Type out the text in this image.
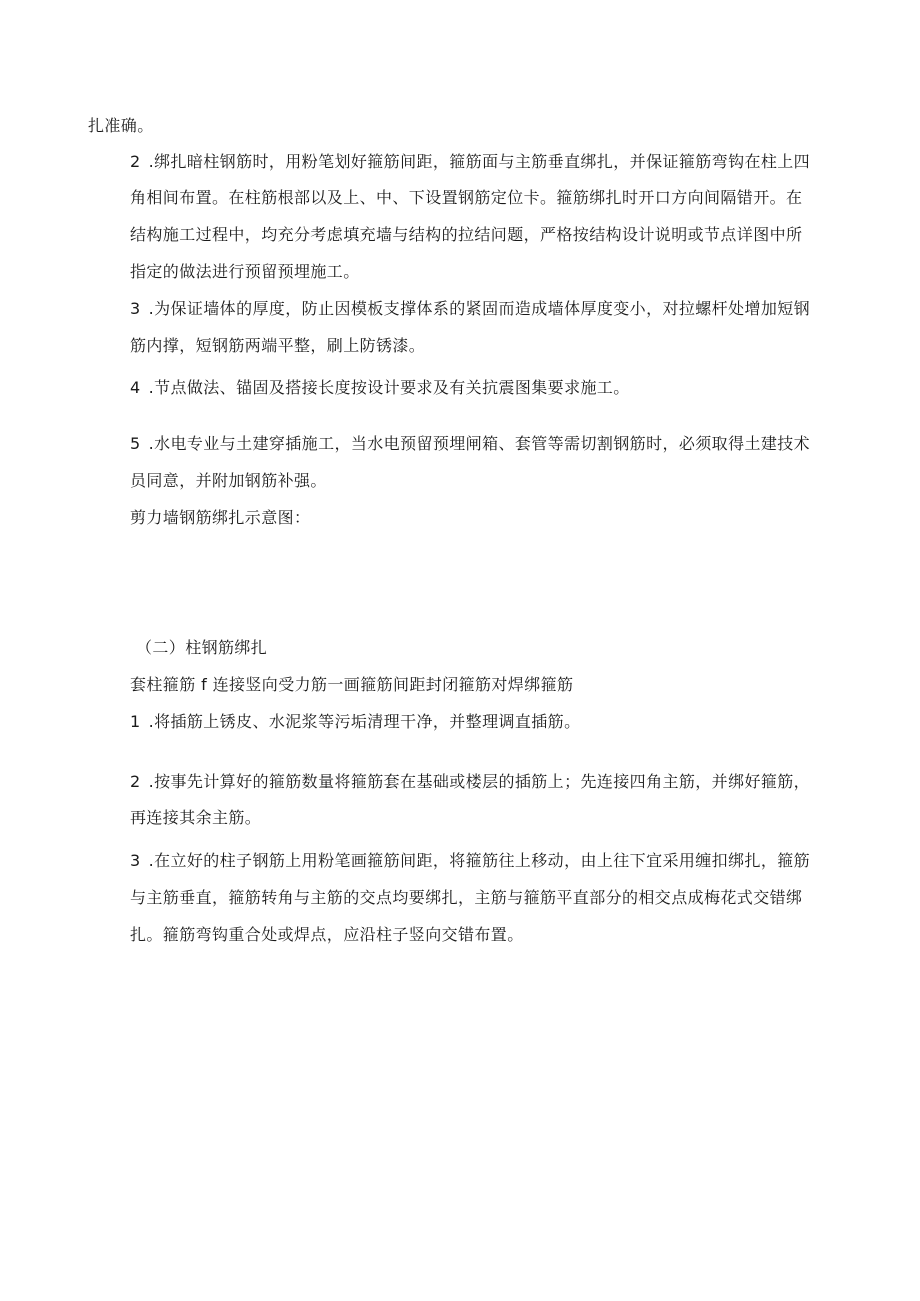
扎准确。
2 .绑扎暗柱钢筋时，用粉笔划好箍筋间距，箍筋面与主筋垂直绑扎，并保证箍筋弯钩在柱上四
角相间布置。在柱筋根部以及上、中、下设置钢筋定位卡。箍筋绑扎时开口方向间隔错开。在
结构施工过程中，均充分考虑填充墙与结构的拉结问题，严格按结构设计说明或节点详图中所
指定的做法进行预留预埋施工。
3 .为保证墙体的厚度，防止因模板支撑体系的紧固而造成墙体厚度变小，对拉螺杆处增加短钢
筋内撑，短钢筋两端平整，刷上防锈漆。
4 .节点做法、锚固及搭接长度按设计要求及有关抗震图集要求施工。
5 .水电专业与土建穿插施工，当水电预留预埋闸箱、套管等需切割钢筋时，必须取得土建技术
员同意，并附加钢筋补强。
剪力墙钢筋绑扎示意图：
（二）柱钢筋绑扎
套柱箍筋 f 连接竖向受力筋一画箍筋间距封闭箍筋对焊绑箍筋
1 .将插筋上锈皮、水泥浆等污垢清理干净，并整理调直插筋。
2 .按事先计算好的箍筋数量将箍筋套在基础或楼层的插筋上；先连接四角主筋，并绑好箍筋，
再连接其余主筋。
3 .在立好的柱子钢筋上用粉笔画箍筋间距，将箍筋往上移动，由上往下宜采用缠扣绑扎，箍筋
与主筋垂直，箍筋转角与主筋的交点均要绑扎，主筋与箍筋平直部分的相交点成梅花式交错绑
扎。箍筋弯钩重合处或焊点，应沿柱子竖向交错布置。
